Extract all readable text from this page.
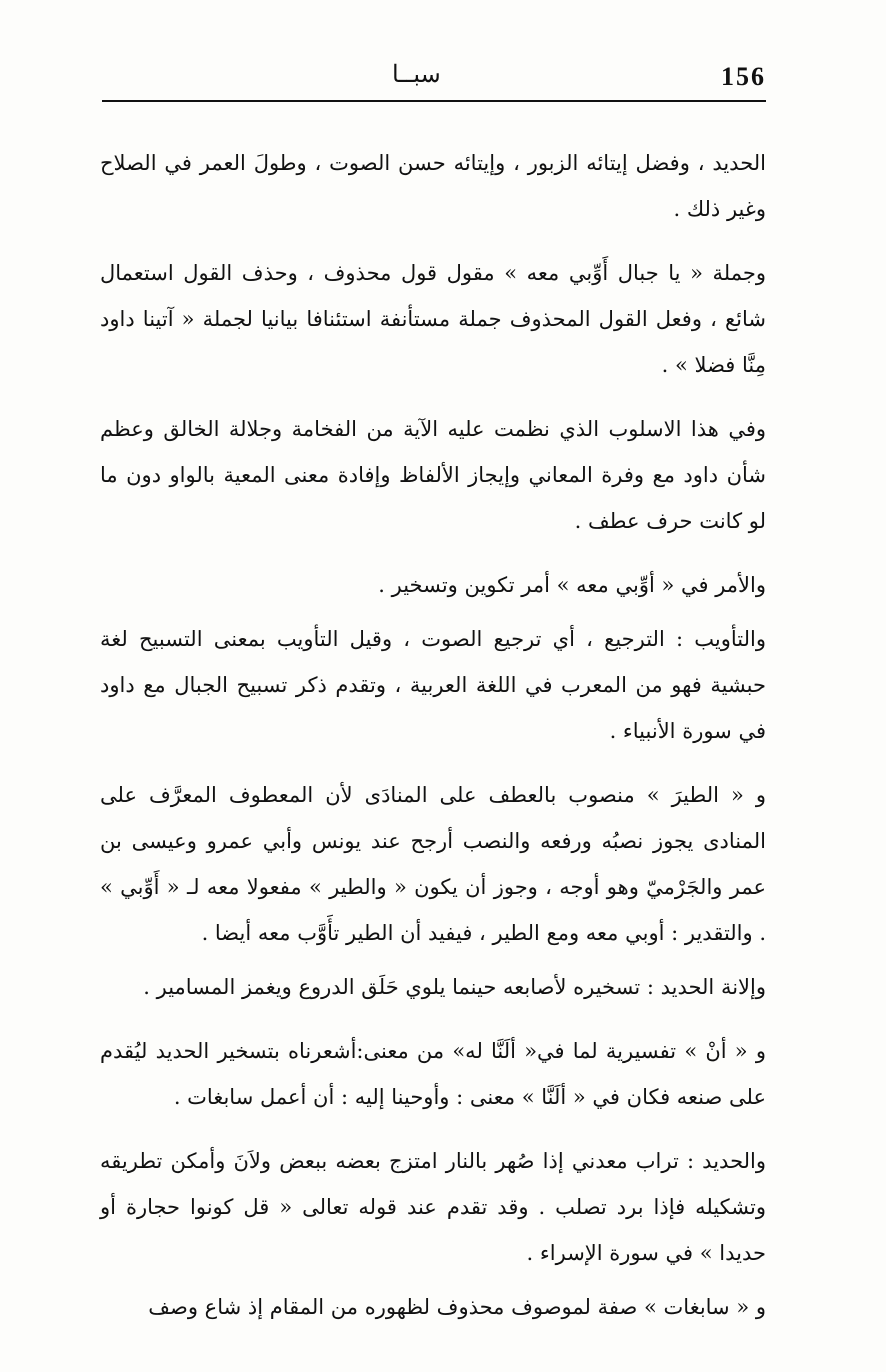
156
سبــا

الحديد ، وفضل إيتائه الزبور ، وإيتائه حسن الصوت ، وطولَ العمر في الصلاح وغير ذلك .

وجملة « يا جبال أَوِّبي معه » مقول قول محذوف ، وحذف القول استعمال شائع ، وفعل القول المحذوف جملة مستأنفة استئنافا بيانيا لجملة « آتينا داود مِنَّا فضلا » .

وفي هذا الاسلوب الذي نظمت عليه الآية من الفخامة وجلالة الخالق وعظم شأن داود مع وفرة المعاني وإيجاز الألفاظ وإفادة معنى المعية بالواو دون ما لو كانت حرف عطف .

والأمر في « أوِّبي معه » أمر تكوين وتسخير .

والتأويب : الترجيع ، أي ترجيع الصوت ، وقيل التأويب بمعنى التسبيح لغة حبشية فهو من المعرب في اللغة العربية ، وتقدم ذكر تسبيح الجبال مع داود في سورة الأنبياء .

و « الطيرَ » منصوب بالعطف على المنادَى لأن المعطوف المعرَّف على المنادى يجوز نصبُه ورفعه والنصب أرجح عند يونس وأبي عمرو وعيسى بن عمر والجَرْميّ وهو أوجه ، وجوز أن يكون « والطير » مفعولا معه لـ « أَوِّبي » . والتقدير : أوبي معه ومع الطير ، فيفيد أن الطير تأَوَّب معه أيضا .

وإلانة الحديد : تسخيره لأصابعه حينما يلوي حَلَق الدروع ويغمز المسامير .

و « أنْ » تفسيرية لما في« ألَنَّا له» من معنى:أشعرناه بتسخير الحديد ليُقدم على صنعه فكان في « ألَنَّا » معنى : وأوحينا إليه : أن أعمل سابغات .

والحديد : تراب معدني إذا صُهر بالنار امتزج بعضه ببعض ولاَنَ وأمكن تطريقه وتشكيله فإذا برد تصلب . وقد تقدم عند قوله تعالى « قل كونوا حجارة أو حديدا » في سورة الإسراء .

و « سابغات » صفة لموصوف محذوف لظهوره من المقام إذ شاع وصف
